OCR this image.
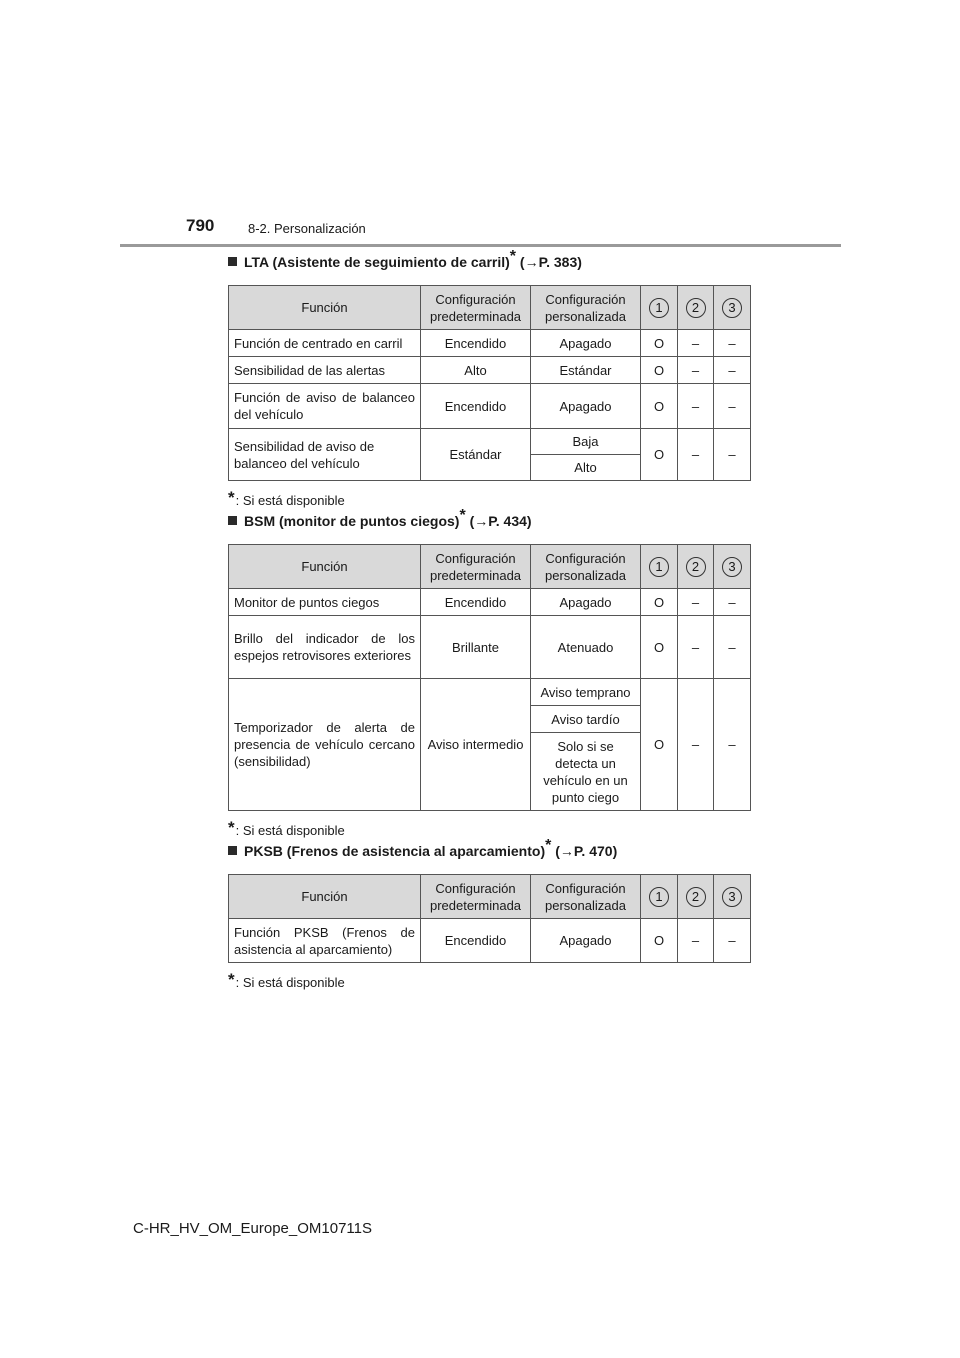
790	8-2. Personalización
LTA (Asistente de seguimiento de carril)* (→P. 383)
Función	Configuración predeterminada	Configuración personalizada	1	2	3
Función de centrado en carril	Encendido	Apagado	O	–	–
Sensibilidad de las alertas	Alto	Estándar	O	–	–
Función de aviso de balanceo del vehículo	Encendido	Apagado	O	–	–
Sensibilidad de aviso de balanceo del vehículo	Estándar	Baja	O	–	–
		Alto			
*: Si está disponible
BSM (monitor de puntos ciegos)* (→P. 434)
Función	Configuración predeterminada	Configuración personalizada	1	2	3
Monitor de puntos ciegos	Encendido	Apagado	O	–	–
Brillo del indicador de los espejos retrovisores exteriores	Brillante	Atenuado	O	–	–
Temporizador de alerta de presencia de vehículo cercano (sensibilidad)	Aviso intermedio	Aviso temprano	O	–	–
		Aviso tardío			
		Solo si se detecta un vehículo en un punto ciego			
*: Si está disponible
PKSB (Frenos de asistencia al aparcamiento)* (→P. 470)
Función	Configuración predeterminada	Configuración personalizada	1	2	3
Función PKSB (Frenos de asistencia al aparcamiento)	Encendido	Apagado	O	–	–
*: Si está disponible
C-HR_HV_OM_Europe_OM10711S
